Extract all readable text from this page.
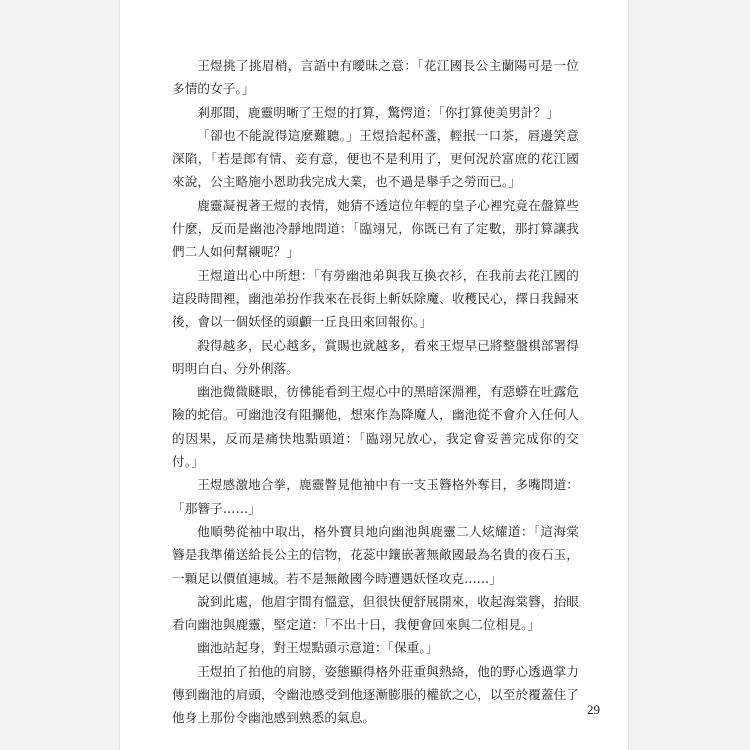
王煜挑了挑眉梢，言語中有曖昧之意：「花江國長公主蘭陽可是一位多情的女子。」

剎那間，鹿靈明晰了王煜的打算，驚愕道：「你打算使美男計？」

「卻也不能說得這麼難聽。」王煜拾起杯盞，輕抿一口茶，唇邊笑意深陷，「若是郎有情、妾有意，便也不是利用了，更何況於富庶的花江國來說，公主略施小恩助我完成大業，也不過是舉手之勞而已。」

鹿靈凝視著王煜的表情，她猜不透這位年輕的皇子心裡究竟在盤算些什麼，反而是幽池冷靜地問道：「臨翊兄，你既已有了定數，那打算讓我們二人如何幫襯呢？」

王煜道出心中所想：「有勞幽池弟與我互換衣衫，在我前去花江國的這段時間裡，幽池弟扮作我來在長街上斬妖除魔、收穫民心，擇日我歸來後，會以一個妖怪的頭顱一丘良田來回報你。」

殺得越多，民心越多，賞賜也就越多，看來王煜早已將整盤棋部署得明明白白、分外俐落。

幽池微微瞇眼，彷彿能看到王煜心中的黑暗深淵裡，有惡蟒在吐露危險的蛇信。可幽池沒有阻攔他，想來作為降魔人，幽池從不會介入任何人的因果，反而是痛快地點頭道：「臨翊兄放心，我定會妥善完成你的交付。」

王煜感激地合拳，鹿靈瞥見他袖中有一支玉簪格外奪目，多嘴問道：「那簪子……」

他順勢從袖中取出，格外寶貝地向幽池與鹿靈二人炫耀道：「這海棠簪是我準備送給長公主的信物，花蕊中鑲嵌著無敵國最為名貴的夜石玉，一顆足以價值連城。若不是無敵國今時遭遇妖怪攻克……」

說到此處，他眉宇間有慍意，但很快便舒展開來，收起海棠簪，抬眼看向幽池與鹿靈，堅定道：「不出十日，我便會回來與二位相見。」

幽池站起身，對王煜點頭示意道：「保重。」

王煜拍了拍他的肩膀，姿態顯得格外莊重與熱絡，他的野心透過掌力傳到幽池的肩頭，令幽池感受到他逐漸膨脹的權欲之心，以至於覆蓋住了他身上那份令幽池感到熟悉的氣息。

29
